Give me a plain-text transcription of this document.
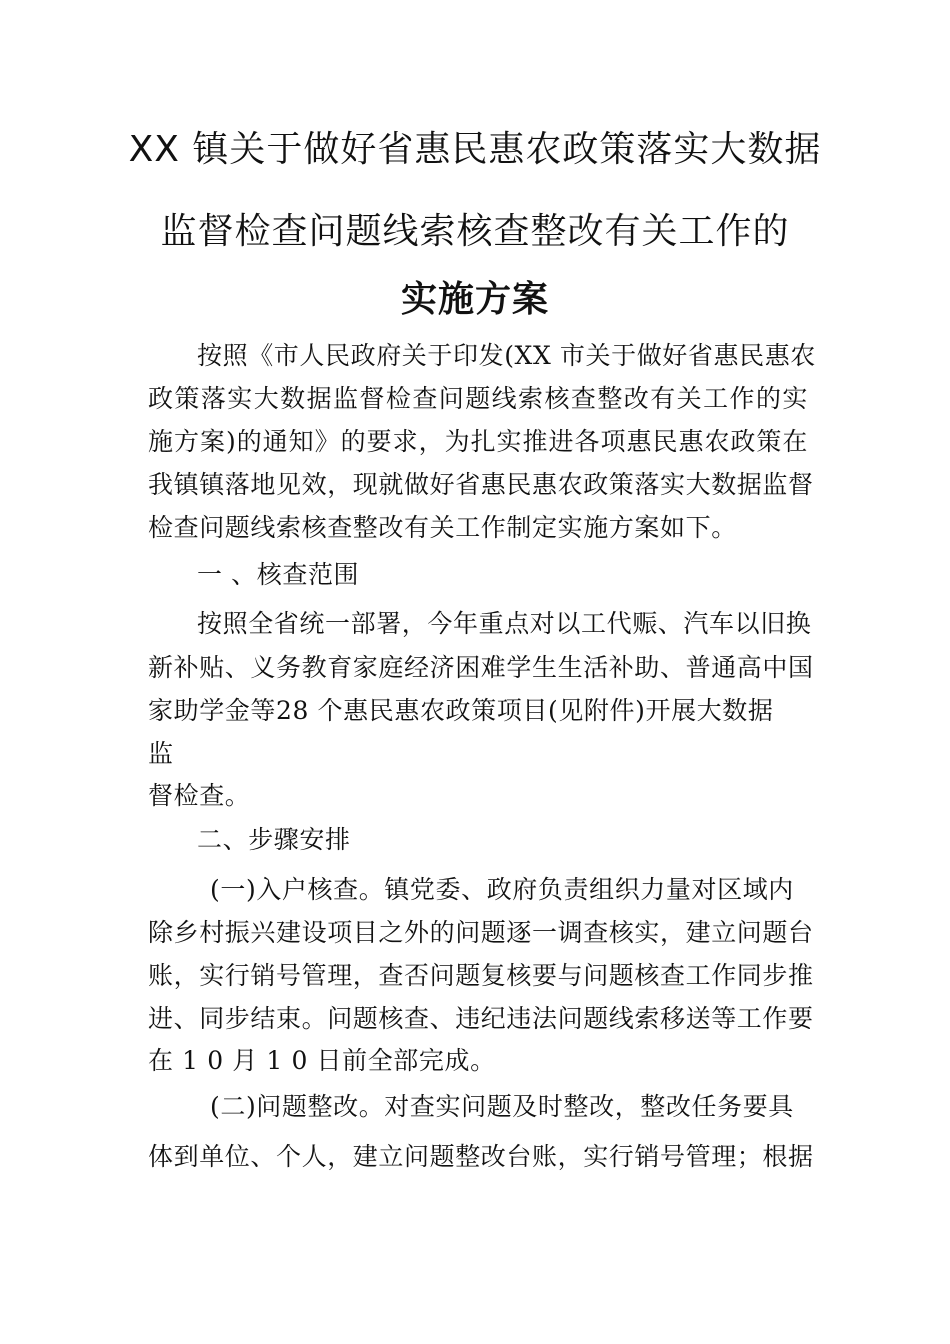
XX 镇关于做好省惠民惠农政策落实大数据
监督检查问题线索核查整改有关工作的
实施方案
按照《市人民政府关于印发(XX 市关于做好省惠民惠农
政策落实大数据监督检查问题线索核查整改有关工作的实
施方案)的通知》的要求，为扎实推进各项惠民惠农政策在
我镇镇落地见效，现就做好省惠民惠农政策落实大数据监督
检查问题线索核查整改有关工作制定实施方案如下。
一 、核查范围
按照全省统一部署，今年重点对以工代赈、汽车以旧换
新补贴、义务教育家庭经济困难学生生活补助、普通高中国
家助学金等28 个惠民惠农政策项目(见附件)开展大数据
监
督检查。
二、步骤安排
(一)入户核查。镇党委、政府负责组织力量对区域内
除乡村振兴建设项目之外的问题逐一调查核实，建立问题台
账，实行销号管理，查否问题复核要与问题核查工作同步推
进、同步结束。问题核查、违纪违法问题线索移送等工作要
在 1 0 月 1 0 日前全部完成。
(二)问题整改。对查实问题及时整改，整改任务要具
体到单位、个人，建立问题整改台账，实行销号管理；根据
